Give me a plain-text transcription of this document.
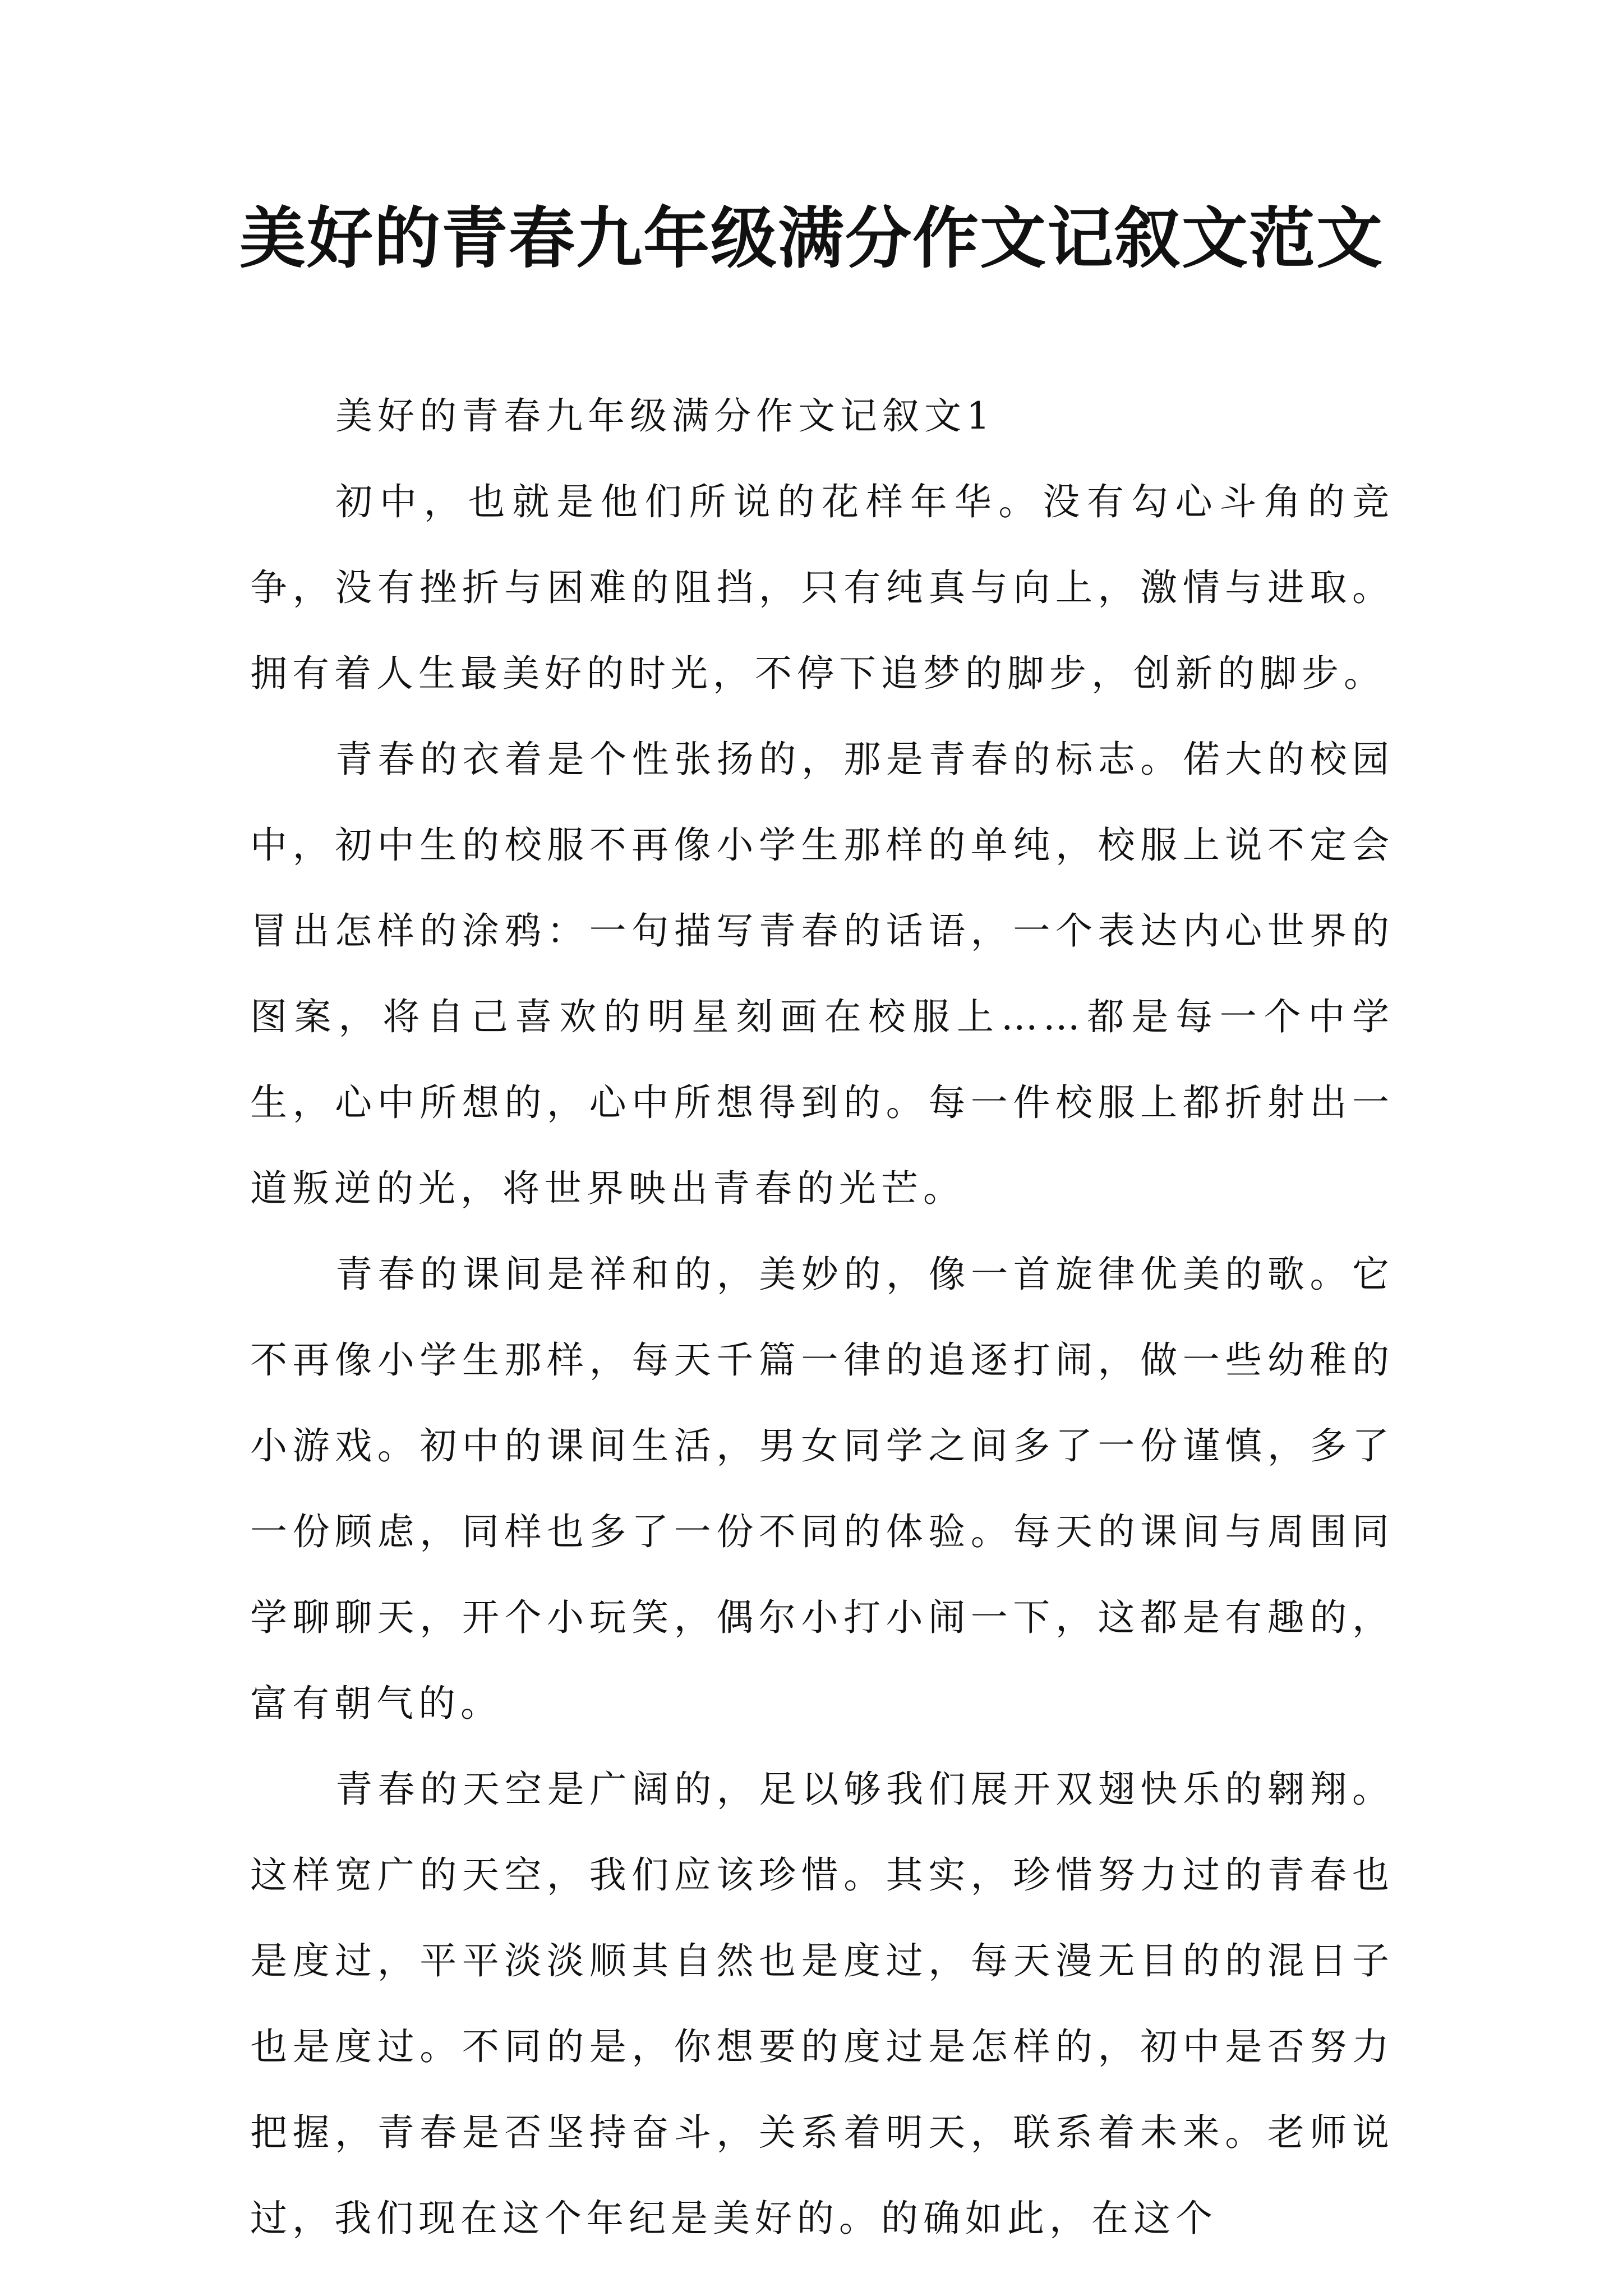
美好的青春九年级满分作文记叙文范文

美好的青春九年级满分作文记叙文1

初中，也就是他们所说的花样年华。没有勾心斗角的竞争，没有挫折与困难的阻挡，只有纯真与向上，激情与进取。拥有着人生最美好的时光，不停下追梦的脚步，创新的脚步。

青春的衣着是个性张扬的，那是青春的标志。偌大的校园中，初中生的校服不再像小学生那样的单纯，校服上说不定会冒出怎样的涂鸦：一句描写青春的话语，一个表达内心世界的图案，将自己喜欢的明星刻画在校服上……都是每一个中学生，心中所想的，心中所想得到的。每一件校服上都折射出一道叛逆的光，将世界映出青春的光芒。

青春的课间是祥和的，美妙的，像一首旋律优美的歌。它不再像小学生那样，每天千篇一律的追逐打闹，做一些幼稚的小游戏。初中的课间生活，男女同学之间多了一份谨慎，多了一份顾虑，同样也多了一份不同的体验。每天的课间与周围同学聊聊天，开个小玩笑，偶尔小打小闹一下，这都是有趣的，富有朝气的。

青春的天空是广阔的，足以够我们展开双翅快乐的翱翔。这样宽广的天空，我们应该珍惜。其实，珍惜努力过的青春也是度过，平平淡淡顺其自然也是度过，每天漫无目的的混日子也是度过。不同的是，你想要的度过是怎样的，初中是否努力把握，青春是否坚持奋斗，关系着明天，联系着未来。老师说过，我们现在这个年纪是美好的。的确如此，在这个
